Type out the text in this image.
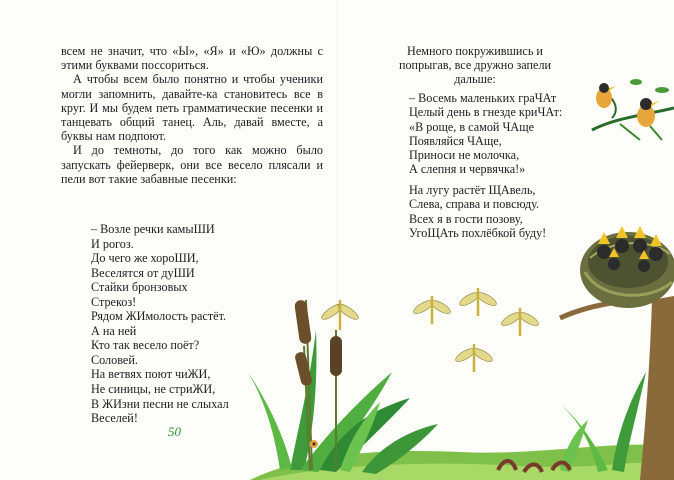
всем не значит, что «Ы», «Я» и «Ю» должны с этими буквами поссориться.

А чтобы всем было понятно и чтобы ученики могли запомнить, давайте-ка становитесь все в круг. И мы будем петь грамматические песенки и танцевать общий танец. Аль, давай вместе, а буквы нам подпоют.

И до темноты, до того как можно было запускать фейерверк, они все весело плясали и пели вот такие забавные песенки:

– Возле речки камыШИ
И рогоз.
До чего же хороШИ,
Веселятся от дуШИ
Стайки бронзовых
Стрекоз!
Рядом ЖИмолость растёт.
А на ней
Кто так весело поёт?
Соловей.
На ветвях поют чиЖИ,
Не синицы, не стриЖИ,
В ЖИзни песни не слыхал
Веселей!
50
Немного покружившись и попрыгав, все дружно запели дальше:
– Восемь маленьких граЧАт
Целый день в гнезде криЧАт:
«В роще, в самой ЧАще
Появляйся ЧАще,
Приноси не молочка,
А слепня и червячка!»
На лугу растёт ЩАвель,
Слева, справа и повсюду.
Всех я в гости позову,
УгоЩАть похлёбкой буду!
